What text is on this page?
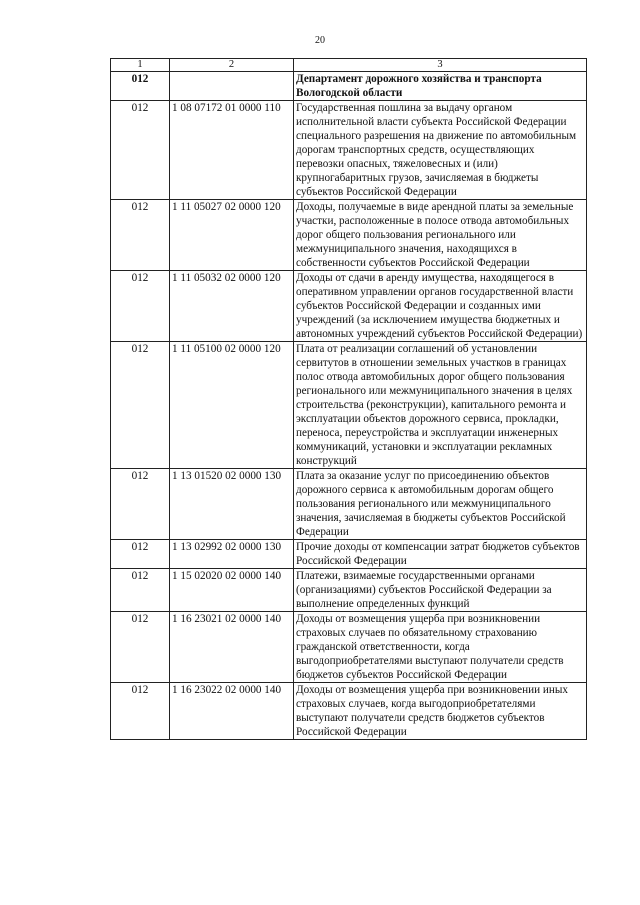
20
1	2	3
012		Департамент дорожного хозяйства и транспорта Вологодской области
012	1 08 07172 01 0000 110	Государственная пошлина за выдачу органом исполнительной власти субъекта Российской Федерации специального разрешения на движение по автомобильным дорогам транспортных средств, осуществляющих перевозки опасных, тяжеловесных и (или) крупногабаритных грузов, зачисляемая в бюджеты субъектов Российской Федерации
012	1 11 05027 02 0000 120	Доходы, получаемые в виде арендной платы за земельные участки, расположенные в полосе отвода автомобильных дорог общего пользования регионального или межмуниципального значения, находящихся в собственности субъектов Российской Федерации
012	1 11 05032 02 0000 120	Доходы от сдачи в аренду имущества, находящегося в оперативном управлении органов государственной власти субъектов Российской Федерации и созданных ими учреждений (за исключением имущества бюджетных и автономных учреждений субъектов Российской Федерации)
012	1 11 05100 02 0000 120	Плата от реализации соглашений об установлении сервитутов в отношении земельных участков в границах полос отвода автомобильных дорог общего пользования регионального или межмуниципального значения в целях строительства (реконструкции), капитального ремонта и эксплуатации объектов дорожного сервиса, прокладки, переноса, переустройства и эксплуатации инженерных коммуникаций, установки и эксплуатации рекламных конструкций
012	1 13 01520 02 0000 130	Плата за оказание услуг по присоединению объектов дорожного сервиса к автомобильным дорогам общего пользования регионального или межмуниципального значения, зачисляемая в бюджеты субъектов Российской Федерации
012	1 13 02992 02 0000 130	Прочие доходы от компенсации затрат бюджетов субъектов Российской Федерации
012	1 15 02020 02 0000 140	Платежи, взимаемые государственными органами (организациями) субъектов Российской Федерации за выполнение определенных функций
012	1 16 23021 02 0000 140	Доходы от возмещения ущерба при возникновении страховых случаев по обязательному страхованию гражданской ответственности, когда выгодоприобретателями выступают получатели средств бюджетов субъектов Российской Федерации
012	1 16 23022 02 0000 140	Доходы от возмещения ущерба при возникновении иных страховых случаев, когда выгодоприобретателями выступают получатели средств бюджетов субъектов Российской Федерации
